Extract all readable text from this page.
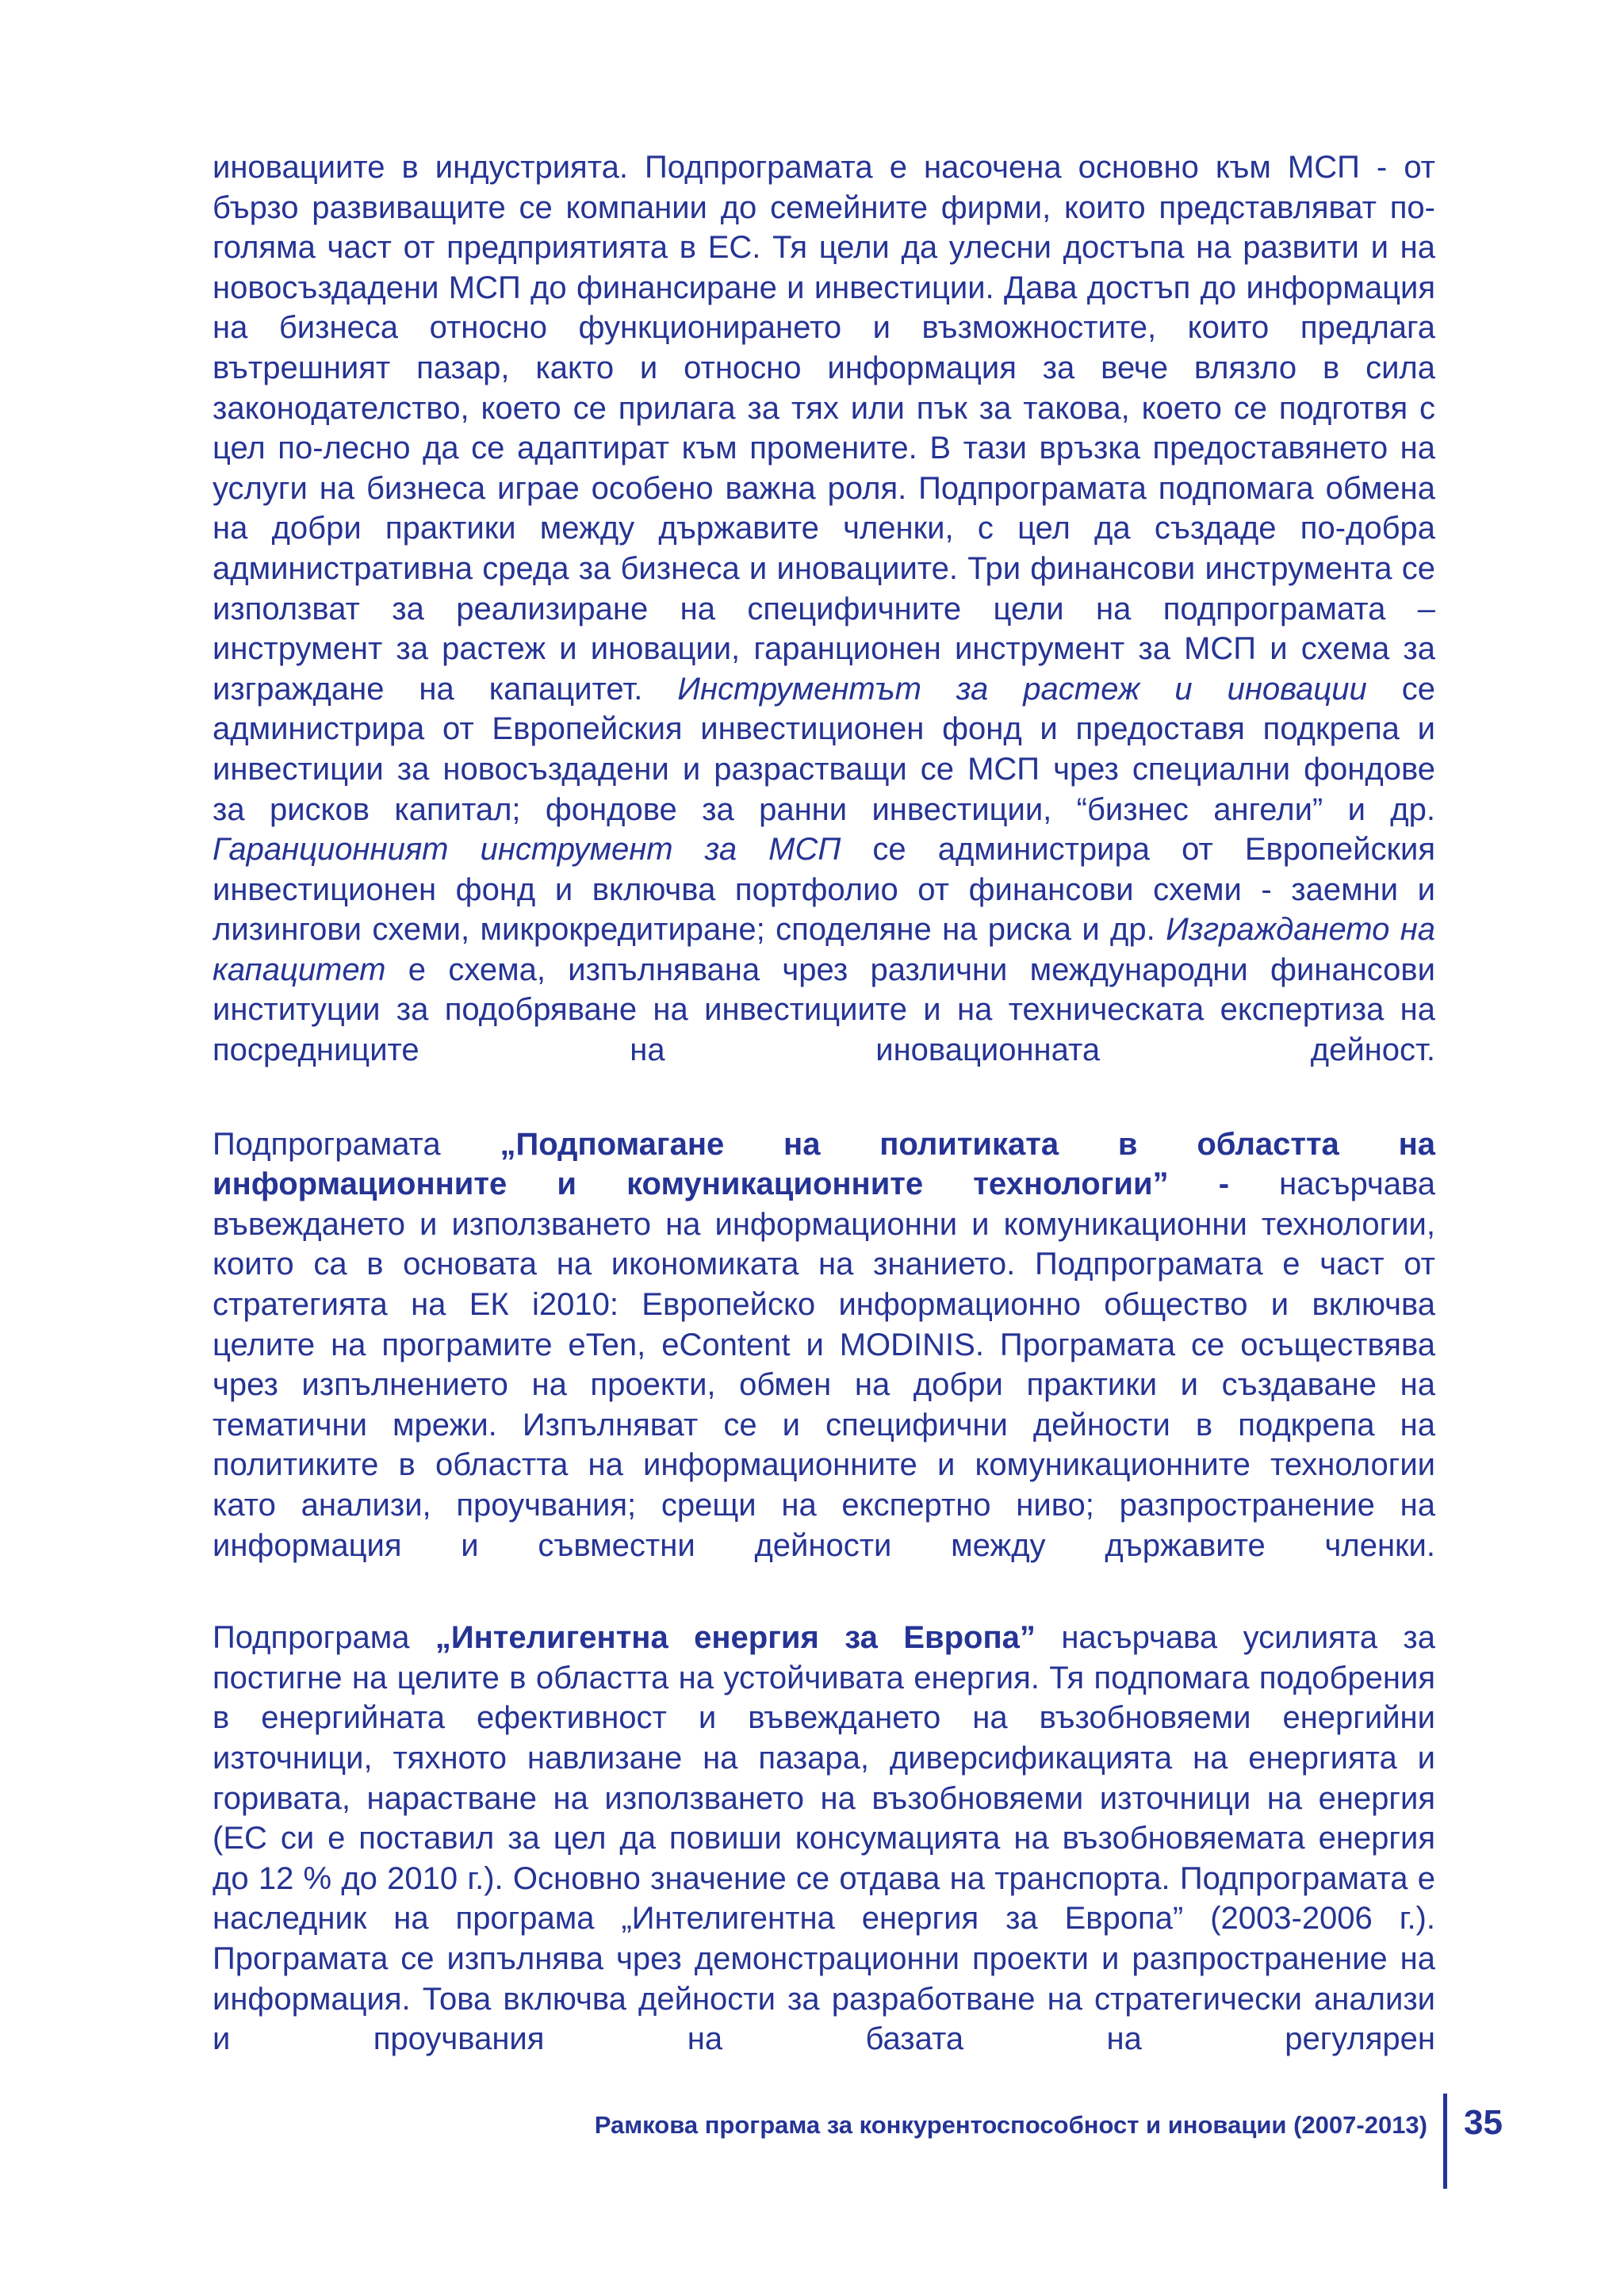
иновациите в индустрията. Подпрограмата е насочена основно към МСП - от бързо развиващите се компании до семейните фирми, които представляват по-голяма част от предприятията в ЕС. Тя цели да улесни достъпа на развити и на новосъздадени МСП до финансиране и инвестиции. Дава достъп до информация на бизнеса относно функционирането и възможностите, които предлага вътрешният пазар, както и относно информация за вече влязло в сила законодателство, което се прилага за тях или пък за такова, което се подготвя с цел по-лесно да се адаптират към промените. В тази връзка предоставянето на услуги на бизнеса играе особено важна роля. Подпрограмата подпомага обмена на добри практики между държавите членки, с цел да създаде по-добра административна среда за бизнеса и иновациите. Три финансови инструмента се използват за реализиране на специфичните цели на подпрограмата – инструмент за растеж и иновации, гаранционен инструмент за МСП и схема за изграждане на капацитет. Инструментът за растеж и иновации се администрира от Европейския инвестиционен фонд и предоставя подкрепа и инвестиции за новосъздадени и разрастващи се МСП чрез специални фондове за рисков капитал; фондове за ранни инвестиции, “бизнес ангели” и др. Гаранционният инструмент за МСП се администрира от Европейския инвестиционен фонд и включва портфолио от финансови схеми - заемни и лизингови схеми, микрокредитиране; споделяне на риска и др. Изграждането на капацитет е схема, изпълнявана чрез различни международни финансови институции за подобряване на инвестициите и на техническата експертиза на посредниците на иновационната дейност.

Подпрограмата „Подпомагане на политиката в областта на информационните и комуникационните технологии” - насърчава въвеждането и използването на информационни и комуникационни технологии, които са в основата на икономиката на знанието. Подпрограмата е част от стратегията на ЕК i2010: Европейско информационно общество и включва целите на програмите eTen, eContent и MODINIS. Програмата се осъществява чрез изпълнението на проекти, обмен на добри практики и създаване на тематични мрежи. Изпълняват се и специфични дейности в подкрепа на политиките в областта на информационните и комуникационните технологии като анализи, проучвания; срещи на експертно ниво; разпространение на информация и съвместни дейности между държавите членки.

Подпрограма „Интелигентна енергия за Европа” насърчава усилията за постигне на целите в областта на устойчивата енергия. Тя подпомага подобрения в енергийната ефективност и въвеждането на възобновяеми енергийни източници, тяхното навлизане на пазара, диверсификацията на енергията и горивата, нарастване на използването на възобновяеми източници на енергия (ЕС си е поставил за цел да повиши консумацията на възобновяемата енергия до 12 % до 2010 г.). Основно значение се отдава на транспорта. Подпрограмата е наследник на програма „Интелигентна енергия за Европа” (2003-2006 г.). Програмата се изпълнява чрез демонстрационни проекти и разпространение на информация. Това включва дейности за разработване на стратегически анализи и проучвания на базата на регулярен

Рамкова програма за конкурентоспособност и иновации (2007-2013) 35
